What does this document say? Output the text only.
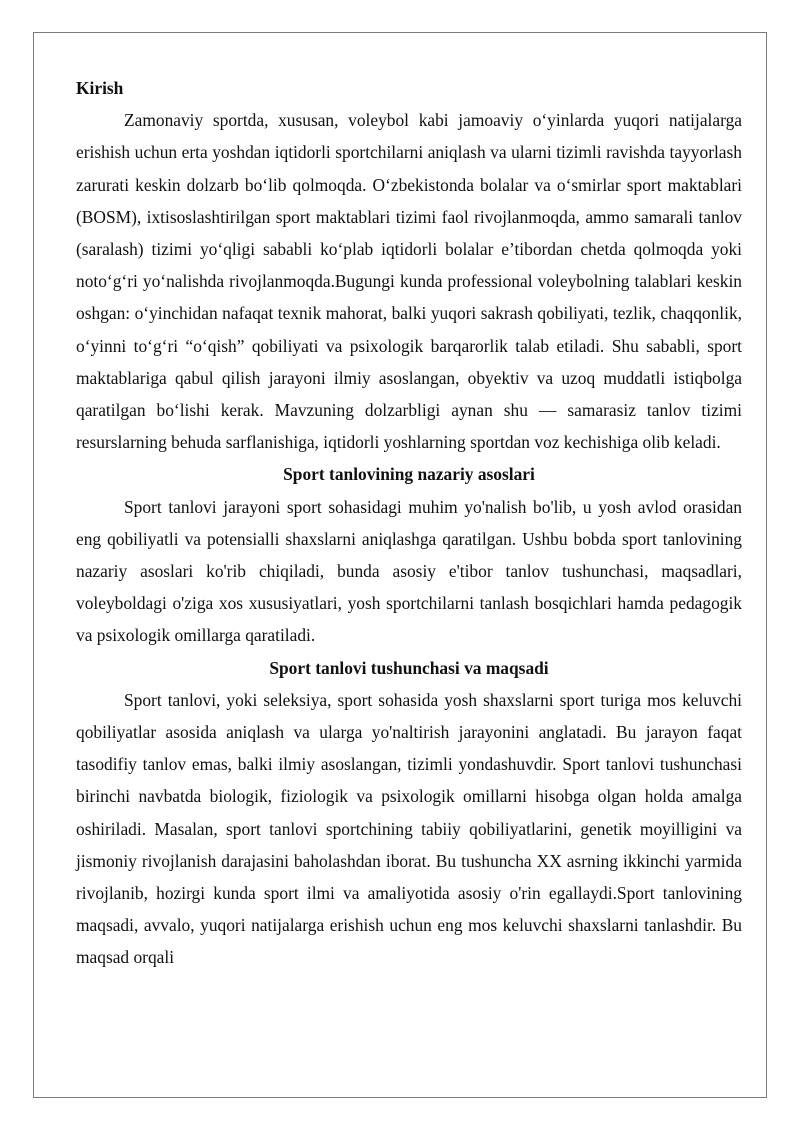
Kirish

Zamonaviy sportda, xususan, voleybol kabi jamoaviy o‘yinlarda yuqori natijalarga erishish uchun erta yoshdan iqtidorli sportchilarni aniqlash va ularni tizimli ravishda tayyorlash zarurati keskin dolzarb bo‘lib qolmoqda. O‘zbekistonda bolalar va o‘smirlar sport maktablari (BOSM), ixtisoslashtirilgan sport maktablari tizimi faol rivojlanmoqda, ammo samarali tanlov (saralash) tizimi yo‘qligi sababli ko‘plab iqtidorli bolalar e’tibordan chetda qolmoqda yoki noto‘g‘ri yo‘nalishda rivojlanmoqda.Bugungi kunda professional voleybolning talablari keskin oshgan: o‘yinchidan nafaqat texnik mahorat, balki yuqori sakrash qobiliyati, tezlik, chaqqonlik, o‘yinni to‘g‘ri “o‘qish” qobiliyati va psixologik barqarorlik talab etiladi. Shu sababli, sport maktablariga qabul qilish jarayoni ilmiy asoslangan, obyektiv va uzoq muddatli istiqbolga qaratilgan bo‘lishi kerak. Mavzuning dolzarbligi aynan shu — samarasiz tanlov tizimi resurslarning behuda sarflanishiga, iqtidorli yoshlarning sportdan voz kechishiga olib keladi.

Sport tanlovining nazariy asoslari

Sport tanlovi jarayoni sport sohasidagi muhim yo'nalish bo'lib, u yosh avlod orasidan eng qobiliyatli va potensialli shaxslarni aniqlashga qaratilgan. Ushbu bobda sport tanlovining nazariy asoslari ko'rib chiqiladi, bunda asosiy e'tibor tanlov tushunchasi, maqsadlari, voleyboldagi o'ziga xos xususiyatlari, yosh sportchilarni tanlash bosqichlari hamda pedagogik va psixologik omillarga qaratiladi.

Sport tanlovi tushunchasi va maqsadi

Sport tanlovi, yoki seleksiya, sport sohasida yosh shaxslarni sport turiga mos keluvchi qobiliyatlar asosida aniqlash va ularga yo'naltirish jarayonini anglatadi. Bu jarayon faqat tasodifiy tanlov emas, balki ilmiy asoslangan, tizimli yondashuvdir. Sport tanlovi tushunchasi birinchi navbatda biologik, fiziologik va psixologik omillarni hisobga olgan holda amalga oshiriladi. Masalan, sport tanlovi sportchining tabiiy qobiliyatlarini, genetik moyilligini va jismoniy rivojlanish darajasini baholashdan iborat. Bu tushuncha XX asrning ikkinchi yarmida rivojlanib, hozirgi kunda sport ilmi va amaliyotida asosiy o'rin egallaydi.Sport tanlovining maqsadi, avvalo, yuqori natijalarga erishish uchun eng mos keluvchi shaxslarni tanlashdir. Bu maqsad orqali
